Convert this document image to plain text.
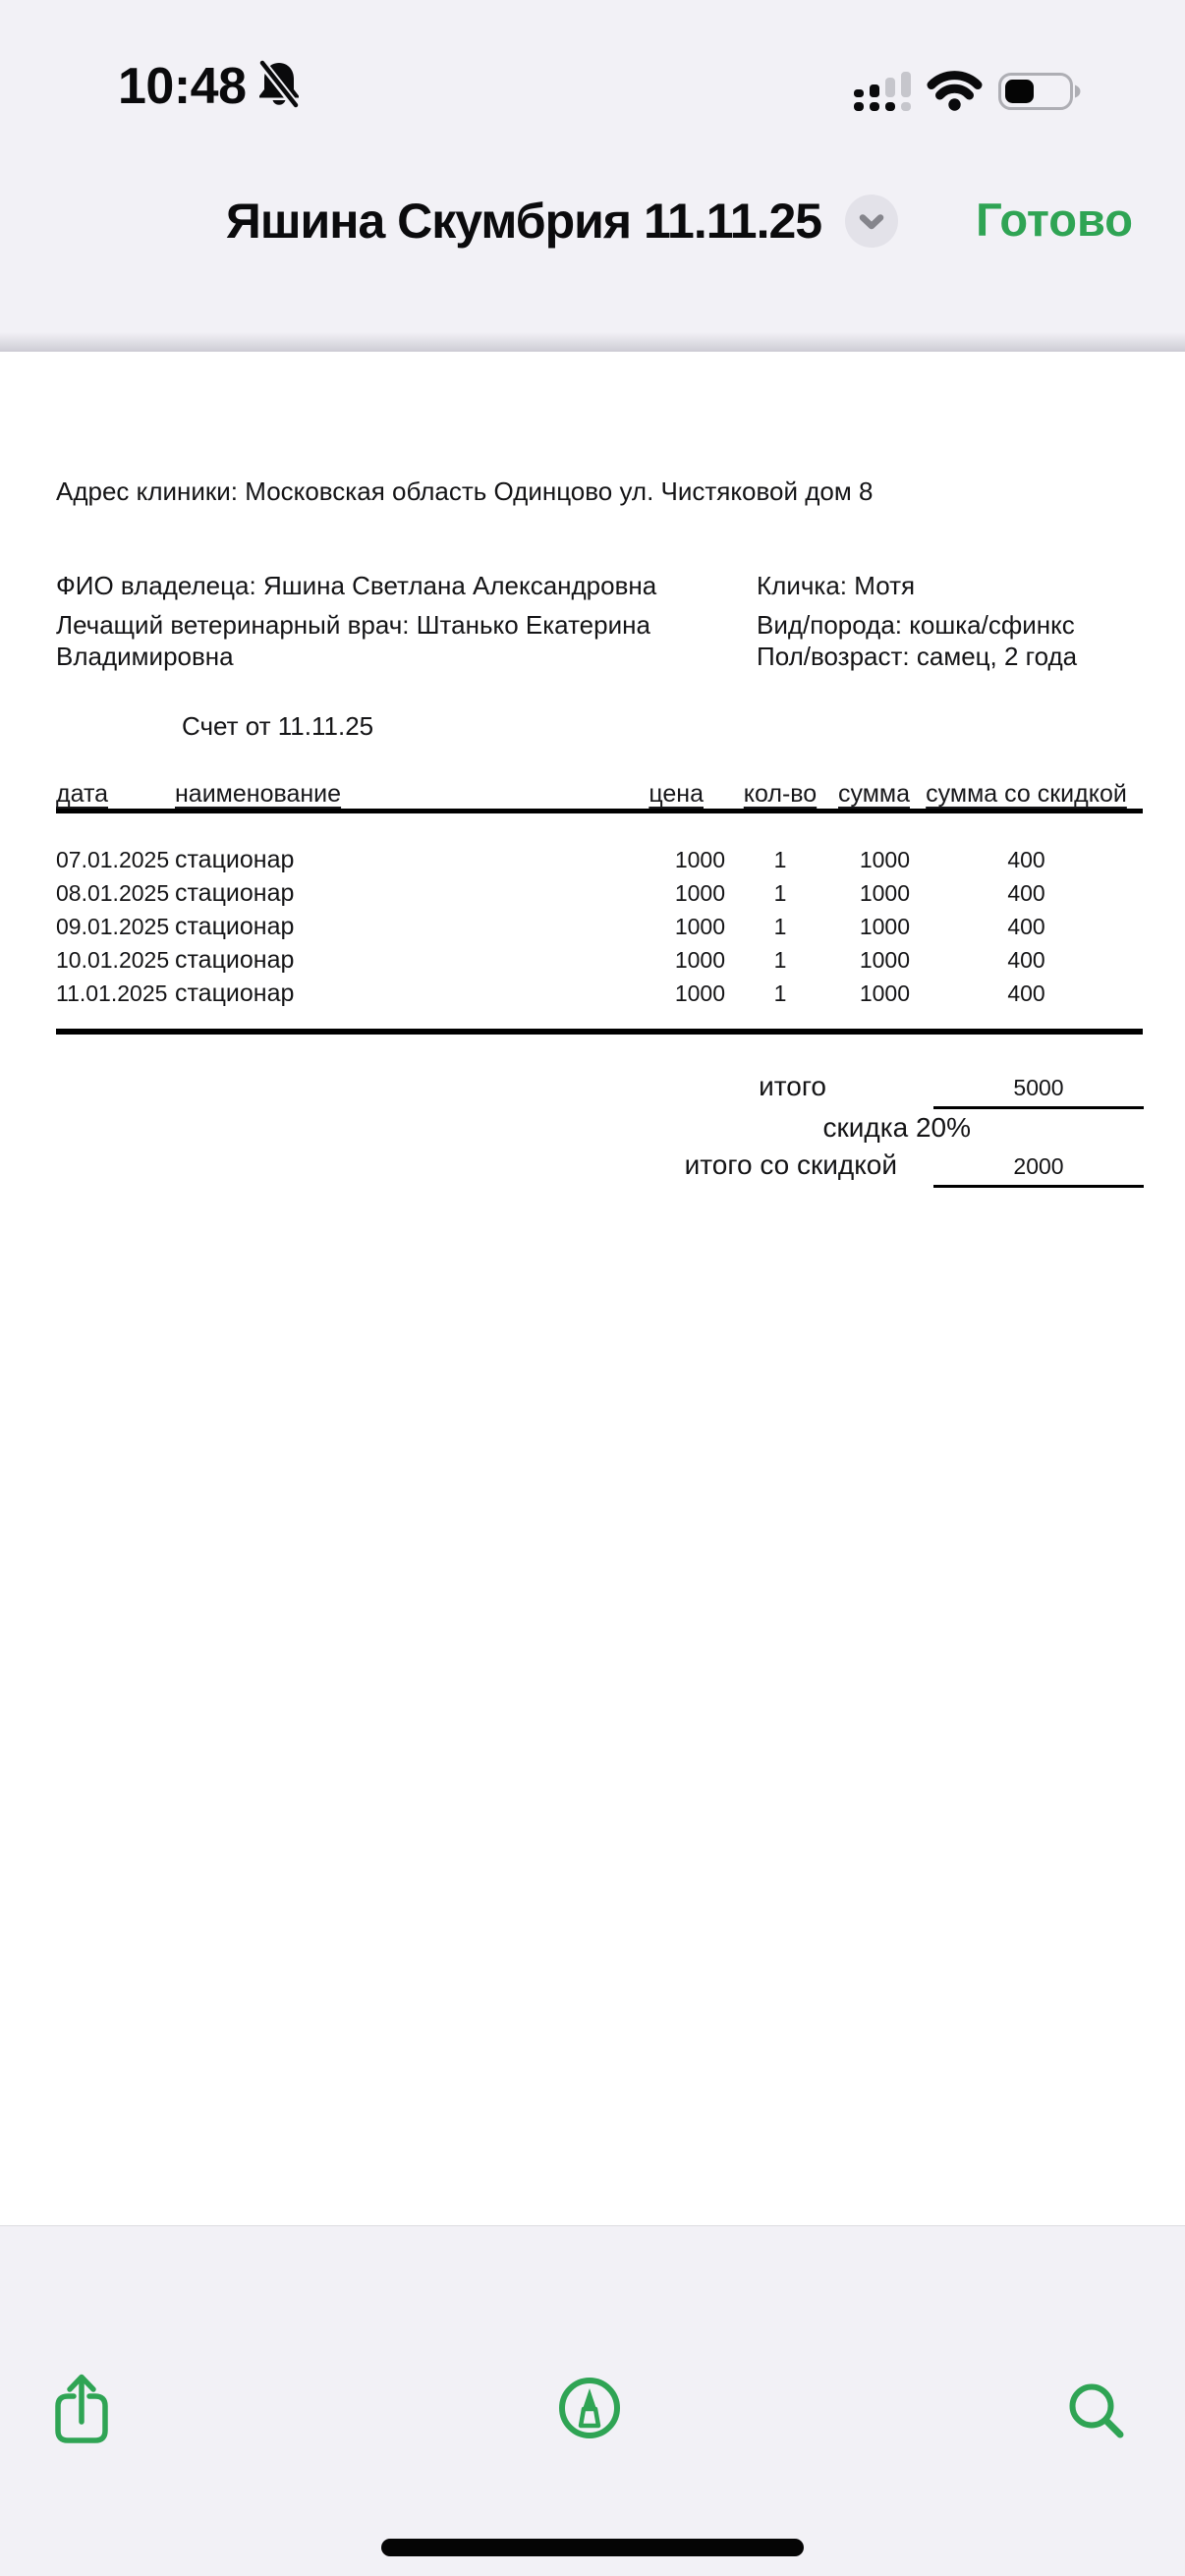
10:48
Яшина Скумбрия 11.11.25	Готово
Адрес клиники: Московская область Одинцово ул. Чистяковой дом 8
ФИО владелеца: Яшина Светлана Александровна
Лечащий ветеринарный врач: Штанько Екатерина
Владимировна
Кличка: Мотя
Вид/порода: кошка/сфинкс
Пол/возраст: самец, 2 года
Счет от 11.11.25
дата	наименование	цена	кол-во	сумма	сумма со скидкой
07.01.2025	стационар	1000	1	1000	400
08.01.2025	стационар	1000	1	1000	400
09.01.2025	стационар	1000	1	1000	400
10.01.2025	стационар	1000	1	1000	400
11.01.2025	стационар	1000	1	1000	400
итого	5000
скидка 20%
итого со скидкой	2000
